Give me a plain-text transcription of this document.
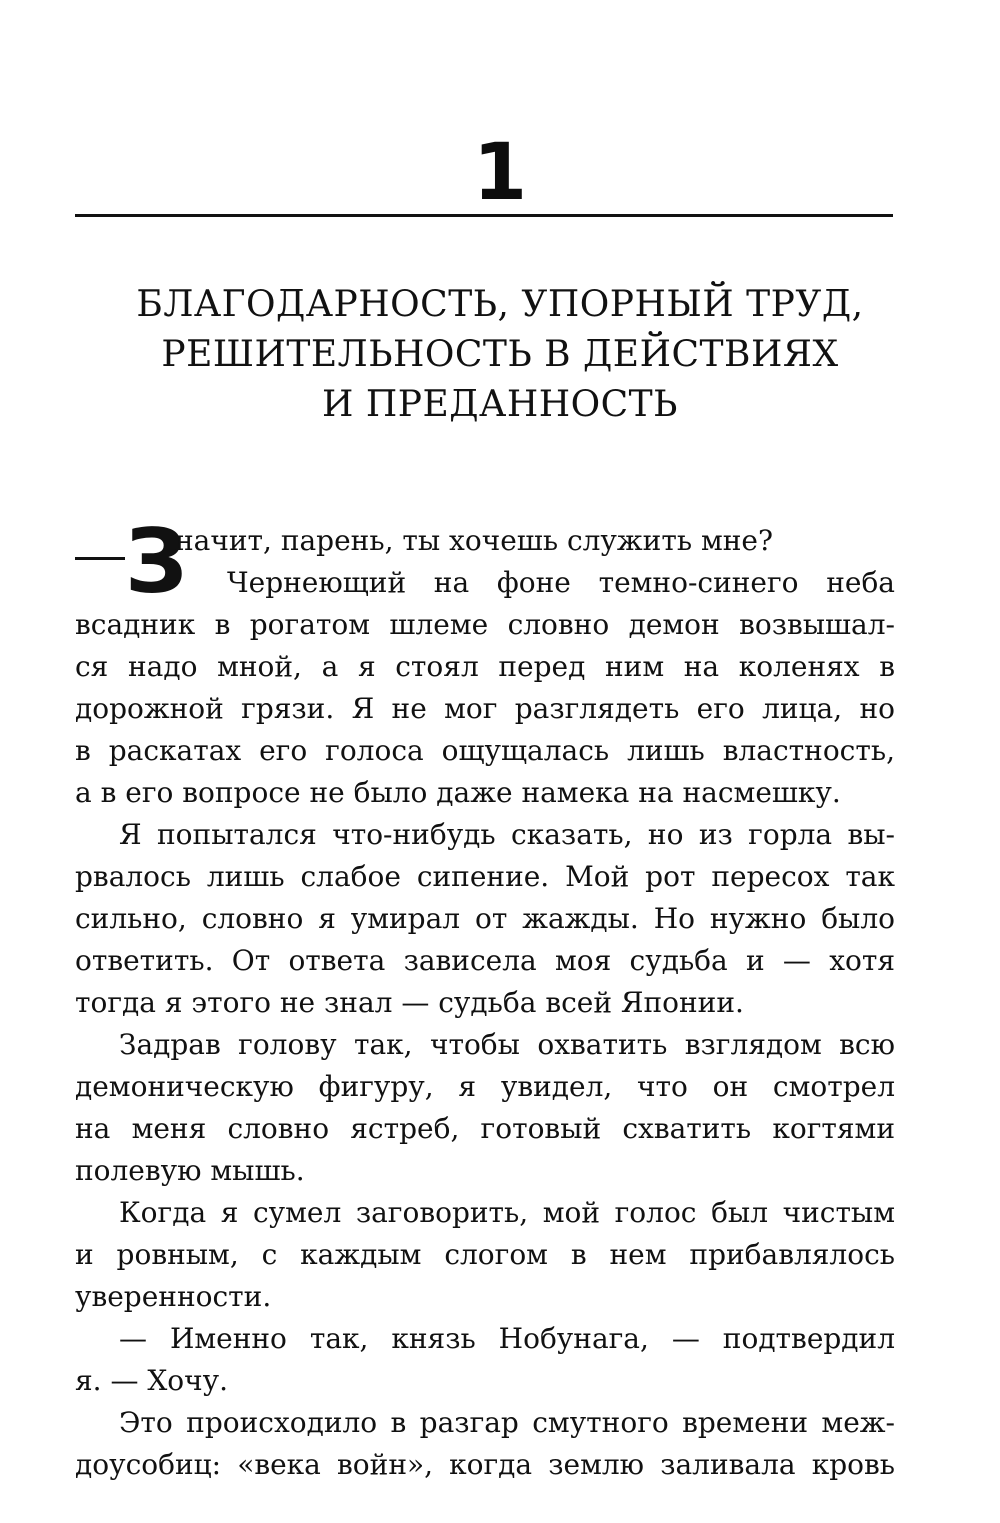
1
БЛАГОДАРНОСТЬ, УПОРНЫЙ ТРУД,
РЕШИТЕЛЬНОСТЬ В ДЕЙСТВИЯХ
И ПРЕДАННОСТЬ
З
начит, парень, ты хочешь служить мне?
Чернеющий на фоне темно-синего неба
всадник в рогатом шлеме словно демон возвышал-
ся надо мной, а я стоял перед ним на коленях в
дорожной грязи. Я не мог разглядеть его лица, но
в раскатах его голоса ощущалась лишь властность,
а в его вопросе не было даже намека на насмешку.
Я попытался что-нибудь сказать, но из горла вы-
рвалось лишь слабое сипение. Мой рот пересох так
сильно, словно я умирал от жажды. Но нужно было
ответить. От ответа зависела моя судьба и — хотя
тогда я этого не знал — судьба всей Японии.
Задрав голову так, чтобы охватить взглядом всю
демоническую фигуру, я увидел, что он смотрел
на меня словно ястреб, готовый схватить когтями
полевую мышь.
Когда я сумел заговорить, мой голос был чистым
и ровным, с каждым слогом в нем прибавлялось
уверенности.
— Именно так, князь Нобунага, — подтвердил
я. — Хочу.
Это происходило в разгар смутного времени меж-
доусобиц: «века войн», когда землю заливала кровь
